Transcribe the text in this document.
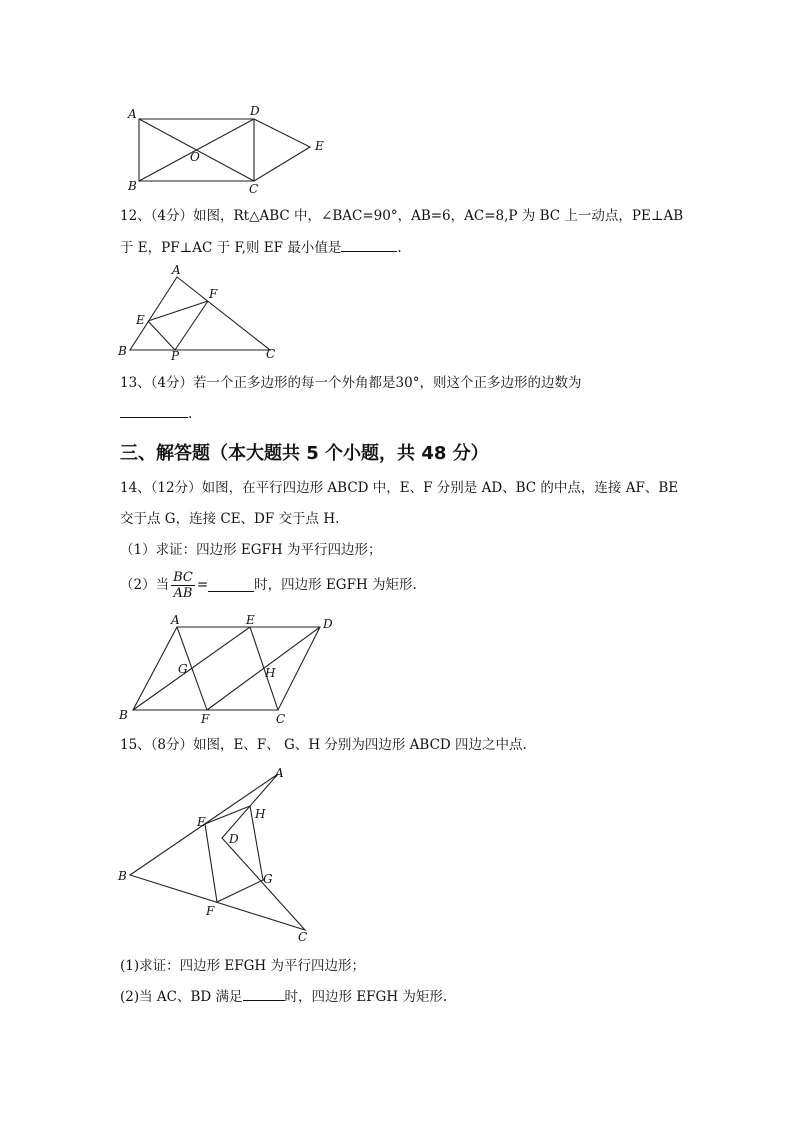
A	D
E
O
B	C
12、（4分）如图，Rt△ABC 中，∠BAC=90°，AB=6，AC=8,P 为 BC 上一动点，PE⊥AB
于 E，PF⊥AC 于 F,则 EF 最小值是	.
A
F
E
B	P	C
13、（4分）若一个正多边形的每一个外角都是30°，则这个正多边形的边数为
.
三、解答题（本大题共 5 个小题，共 48 分）
14、（12分）如图，在平行四边形 ABCD 中，E、F 分别是 AD、BC 的中点，连接 AF、BE
交于点 G，连接 CE、DF 交于点 H.
（1）求证：四边形 EGFH 为平行四边形；
（2）当 $\frac{BC}{AB}$ =	时，四边形 EGFH 为矩形.
A	E	D
G	H
B	F	C
15、（8分）如图，E、F、 G、H 分别为四边形 ABCD 四边之中点.
A
H
E
D
B	G
F
C
(1)求证：四边形 EFGH 为平行四边形；
(2)当 AC、BD 满足	时，四边形 EFGH 为矩形.
